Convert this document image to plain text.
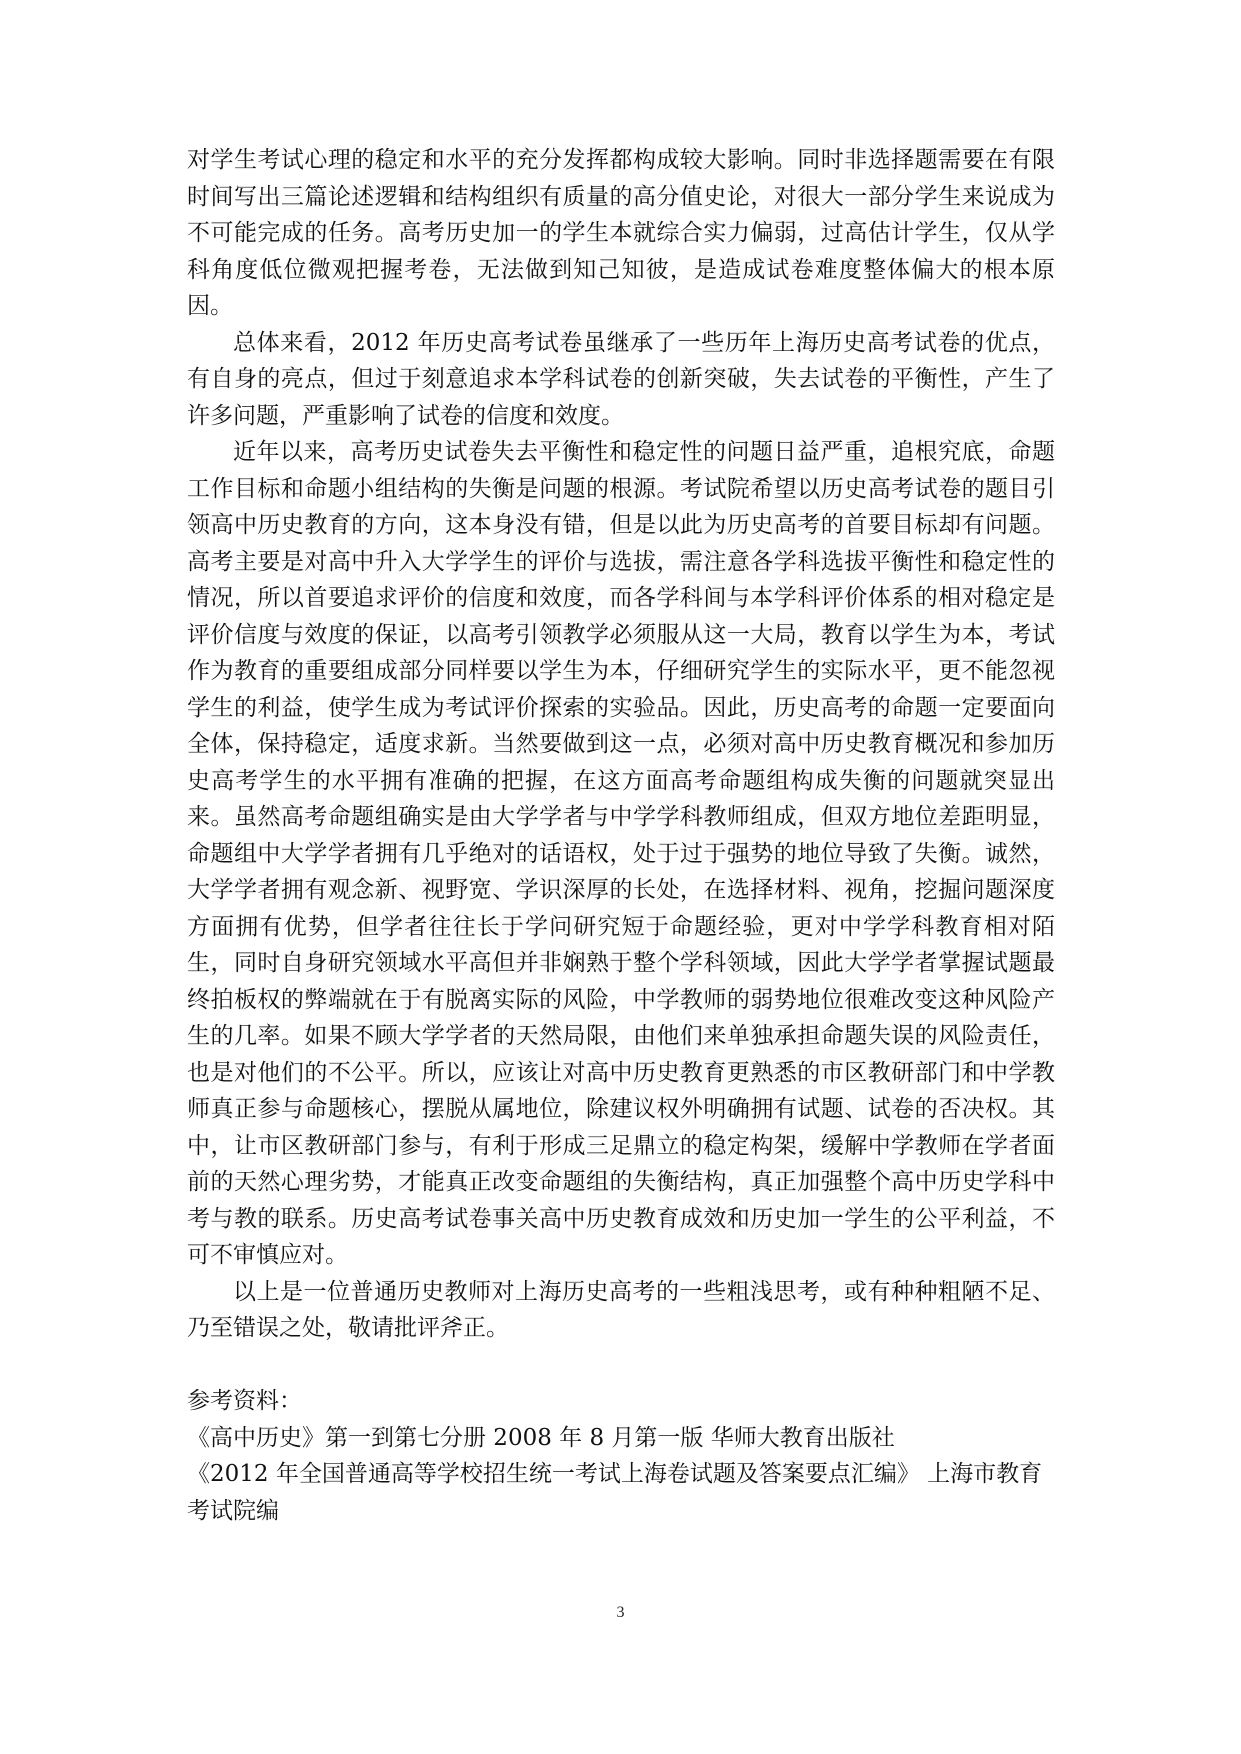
对学生考试心理的稳定和水平的充分发挥都构成较大影响。同时非选择题需要在有限时间写出三篇论述逻辑和结构组织有质量的高分值史论，对很大一部分学生来说成为不可能完成的任务。高考历史加一的学生本就综合实力偏弱，过高估计学生，仅从学科角度低位微观把握考卷，无法做到知己知彼，是造成试卷难度整体偏大的根本原因。

总体来看，2012 年历史高考试卷虽继承了一些历年上海历史高考试卷的优点，有自身的亮点，但过于刻意追求本学科试卷的创新突破，失去试卷的平衡性，产生了许多问题，严重影响了试卷的信度和效度。

近年以来，高考历史试卷失去平衡性和稳定性的问题日益严重，追根究底，命题工作目标和命题小组结构的失衡是问题的根源。考试院希望以历史高考试卷的题目引领高中历史教育的方向，这本身没有错，但是以此为历史高考的首要目标却有问题。高考主要是对高中升入大学学生的评价与选拔，需注意各学科选拔平衡性和稳定性的情况，所以首要追求评价的信度和效度，而各学科间与本学科评价体系的相对稳定是评价信度与效度的保证，以高考引领教学必须服从这一大局，教育以学生为本，考试作为教育的重要组成部分同样要以学生为本，仔细研究学生的实际水平，更不能忽视学生的利益，使学生成为考试评价探索的实验品。因此，历史高考的命题一定要面向全体，保持稳定，适度求新。当然要做到这一点，必须对高中历史教育概况和参加历史高考学生的水平拥有准确的把握，在这方面高考命题组构成失衡的问题就突显出来。虽然高考命题组确实是由大学学者与中学学科教师组成，但双方地位差距明显，命题组中大学学者拥有几乎绝对的话语权，处于过于强势的地位导致了失衡。诚然，大学学者拥有观念新、视野宽、学识深厚的长处，在选择材料、视角，挖掘问题深度方面拥有优势，但学者往往长于学问研究短于命题经验，更对中学学科教育相对陌生，同时自身研究领域水平高但并非娴熟于整个学科领域，因此大学学者掌握试题最终拍板权的弊端就在于有脱离实际的风险，中学教师的弱势地位很难改变这种风险产生的几率。如果不顾大学学者的天然局限，由他们来单独承担命题失误的风险责任，也是对他们的不公平。所以，应该让对高中历史教育更熟悉的市区教研部门和中学教师真正参与命题核心，摆脱从属地位，除建议权外明确拥有试题、试卷的否决权。其中，让市区教研部门参与，有利于形成三足鼎立的稳定构架，缓解中学教师在学者面前的天然心理劣势，才能真正改变命题组的失衡结构，真正加强整个高中历史学科中考与教的联系。历史高考试卷事关高中历史教育成效和历史加一学生的公平利益，不可不审慎应对。

以上是一位普通历史教师对上海历史高考的一些粗浅思考，或有种种粗陋不足、乃至错误之处，敬请批评斧正。

参考资料：

《高中历史》第一到第七分册 2008 年 8 月第一版 华师大教育出版社

《2012 年全国普通高等学校招生统一考试上海卷试题及答案要点汇编》 上海市教育考试院编

3
